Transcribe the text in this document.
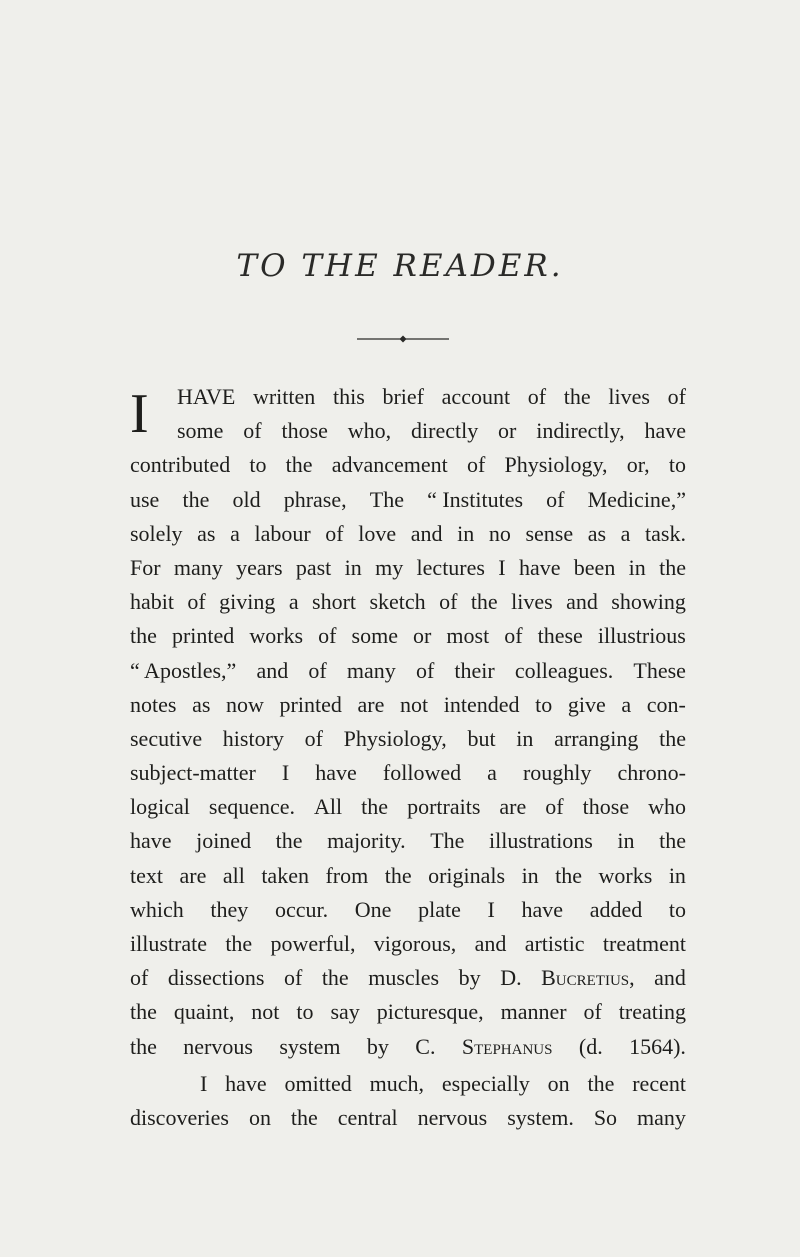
TO THE READER.
I HAVE written this brief account of the lives of
some of those who, directly or indirectly, have
contributed to the advancement of Physiology, or, to
use the old phrase, The “ Institutes of Medicine,”
solely as a labour of love and in no sense as a task.
For many years past in my lectures I have been in the
habit of giving a short sketch of the lives and showing
the printed works of some or most of these illustrious
“ Apostles,” and of many of their colleagues. These
notes as now printed are not intended to give a con-
secutive history of Physiology, but in arranging the
subject-matter I have followed a roughly chrono-
logical sequence. All the portraits are of those who
have joined the majority. The illustrations in the
text are all taken from the originals in the works in
which they occur. One plate I have added to
illustrate the powerful, vigorous, and artistic treatment
of dissections of the muscles by D. Bucretius, and
the quaint, not to say picturesque, manner of treating
the nervous system by C. Stephanus (d. 1564).
I have omitted much, especially on the recent
discoveries on the central nervous system. So many
